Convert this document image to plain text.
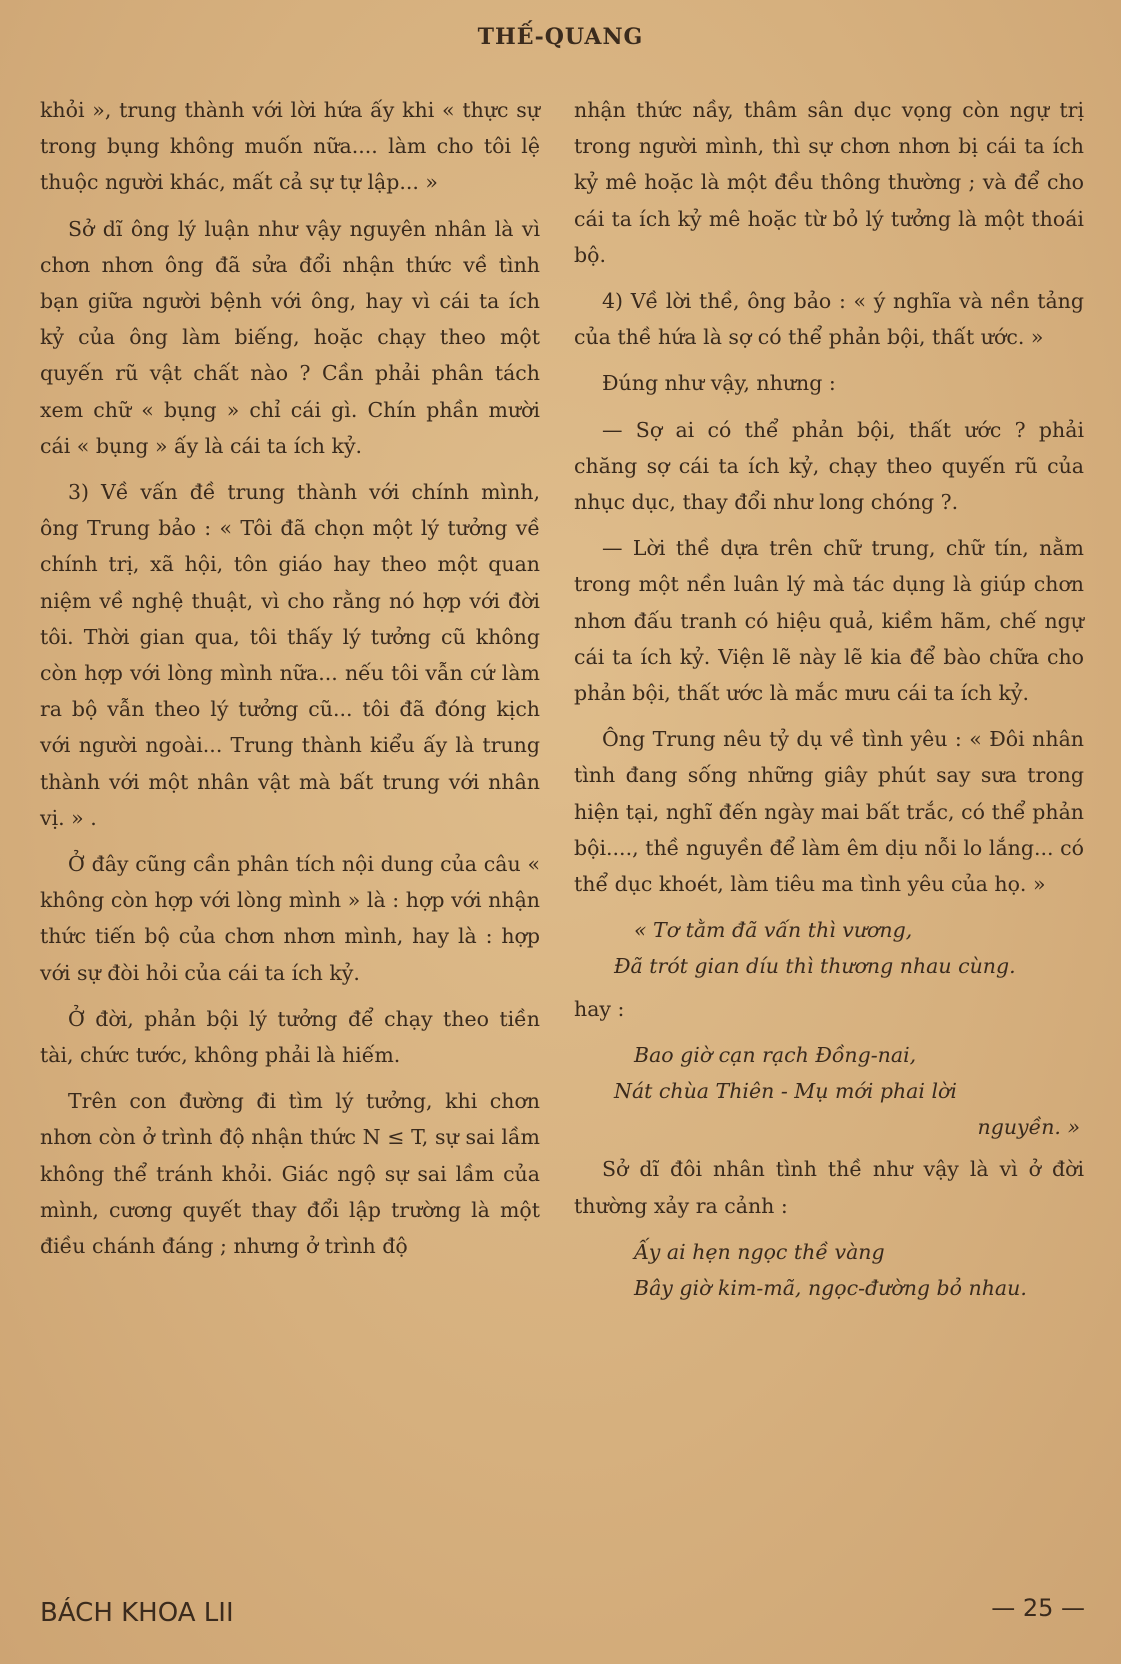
THẾ-QUANG

khỏi », trung thành với lời hứa ấy khi « thực sự trong bụng không muốn nữa.... làm cho tôi lệ thuộc người khác, mất cả sự tự lập... »

Sở dĩ ông lý luận như vậy nguyên nhân là vì chơn nhơn ông đã sửa đổi nhận thức về tình bạn giữa người bệnh với ông, hay vì cái ta ích kỷ của ông làm biếng, hoặc chạy theo một quyến rũ vật chất nào ? Cần phải phân tách xem chữ « bụng » chỉ cái gì. Chín phần mười cái « bụng » ấy là cái ta ích kỷ.

3) Về vấn đề trung thành với chính mình, ông Trung bảo : « Tôi đã chọn một lý tưởng về chính trị, xã hội, tôn giáo hay theo một quan niệm về nghệ thuật, vì cho rằng nó hợp với đời tôi. Thời gian qua, tôi thấy lý tưởng cũ không còn hợp với lòng mình nữa... nếu tôi vẫn cứ làm ra bộ vẫn theo lý tưởng cũ... tôi đã đóng kịch với người ngoài... Trung thành kiểu ấy là trung thành với một nhân vật mà bất trung với nhân vị. » .

Ở đây cũng cần phân tích nội dung của câu « không còn hợp với lòng mình » là : hợp với nhận thức tiến bộ của chơn nhơn mình, hay là : hợp với sự đòi hỏi của cái ta ích kỷ.

Ở đời, phản bội lý tưởng để chạy theo tiền tài, chức tước, không phải là hiếm.

Trên con đường đi tìm lý tưởng, khi chơn nhơn còn ở trình độ nhận thức N ≤ T, sự sai lầm không thể tránh khỏi. Giác ngộ sự sai lầm của mình, cương quyết thay đổi lập trường là một điều chánh đáng ; nhưng ở trình độ

nhận thức nầy, thâm sân dục vọng còn ngự trị trong người mình, thì sự chơn nhơn bị cái ta ích kỷ mê hoặc là một đều thông thường ; và để cho cái ta ích kỷ mê hoặc từ bỏ lý tưởng là một thoái bộ.

4) Về lời thề, ông bảo : « ý nghĩa và nền tảng của thề hứa là sợ có thể phản bội, thất ước. »

Đúng như vậy, nhưng :

— Sợ ai có thể phản bội, thất ước ? phải chăng sợ cái ta ích kỷ, chạy theo quyến rũ của nhục dục, thay đổi như long chóng ?.

— Lời thề dựa trên chữ trung, chữ tín, nằm trong một nền luân lý mà tác dụng là giúp chơn nhơn đấu tranh có hiệu quả, kiềm hãm, chế ngự cái ta ích kỷ. Viện lẽ này lẽ kia để bào chữa cho phản bội, thất ước là mắc mưu cái ta ích kỷ.

Ông Trung nêu tỷ dụ về tình yêu : « Đôi nhân tình đang sống những giây phút say sưa trong hiện tại, nghĩ đến ngày mai bất trắc, có thể phản bội...., thề nguyền để làm êm dịu nỗi lo lắng... có thể dục khoét, làm tiêu ma tình yêu của họ. »

« Tơ tằm đã vấn thì vương,
Đã trót gian díu thì thương nhau cùng.

hay :

Bao giờ cạn rạch Đồng-nai,
Nát chùa Thiên - Mụ mới phai lời
nguyền. »

Sở dĩ đôi nhân tình thề như vậy là vì ở đời thường xảy ra cảnh :

Ấy ai hẹn ngọc thề vàng
Bây giờ kim-mã, ngọc-đường bỏ nhau.
BÁCH KHOA LII	— 25 —
